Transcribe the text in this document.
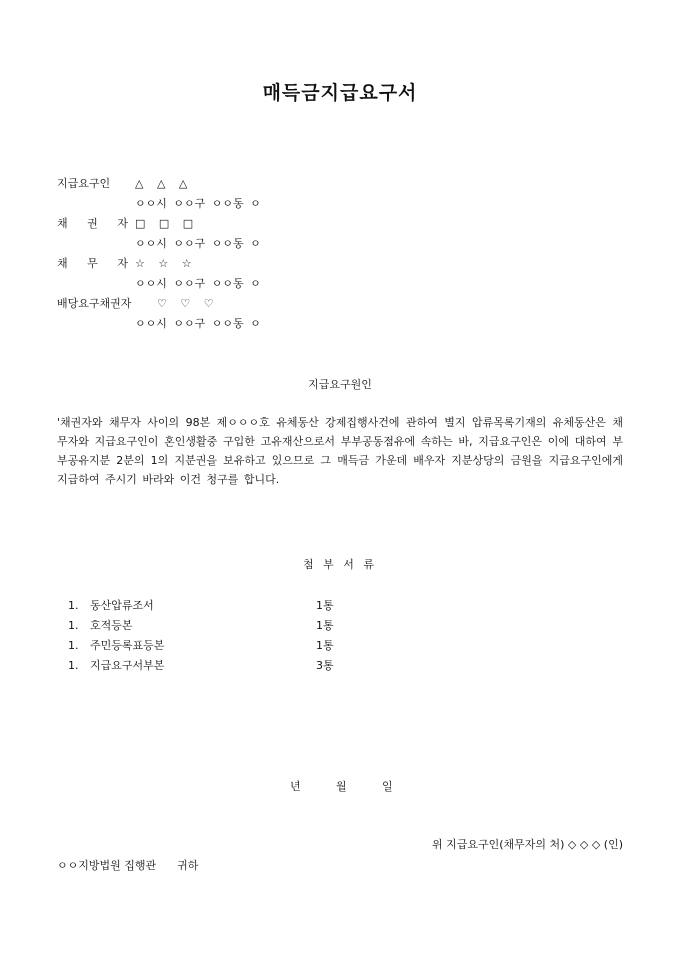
매득금지급요구서
지급요구인 △ △ △
ㅇㅇ시 ㅇㅇ구 ㅇㅇ동 ㅇ
채 권 자□ □ □
ㅇㅇ시 ㅇㅇ구 ㅇㅇ동 ㅇ
채 무 자☆ ☆ ☆
ㅇㅇ시 ㅇㅇ구 ㅇㅇ동 ㅇ
배당요구채권자 ♡ ♡ ♡
ㅇㅇ시 ㅇㅇ구 ㅇㅇ동 ㅇ
지급요구원인
'채권자와 채무자 사이의 98본 제ㅇㅇㅇ호 유체동산 강제집행사건에 관하여 별지 압류목록기재의 유체동산은 채무자와 지급요구인이 혼인생활중 구입한 고유재산으로서 부부공동점유에 속하는 바, 지급요구인은 이에 대하여 부부공유지분 2분의 1의 지분권을 보유하고 있으므로 그 매득금 가운데 배우자 지분상당의 금원을 지급요구인에게 지급하여 주시기 바라와 이건 청구를 합니다.
첨 부 서 류
1. 동산압류조서	1통
1. 호적등본	1통
1. 주민등록표등본	1통
1. 지급요구서부본	3통
년	월	일
위 지급요구인(채무자의 처) ◇ ◇ ◇ (인)
ㅇㅇ지방법원 집행관      귀하
